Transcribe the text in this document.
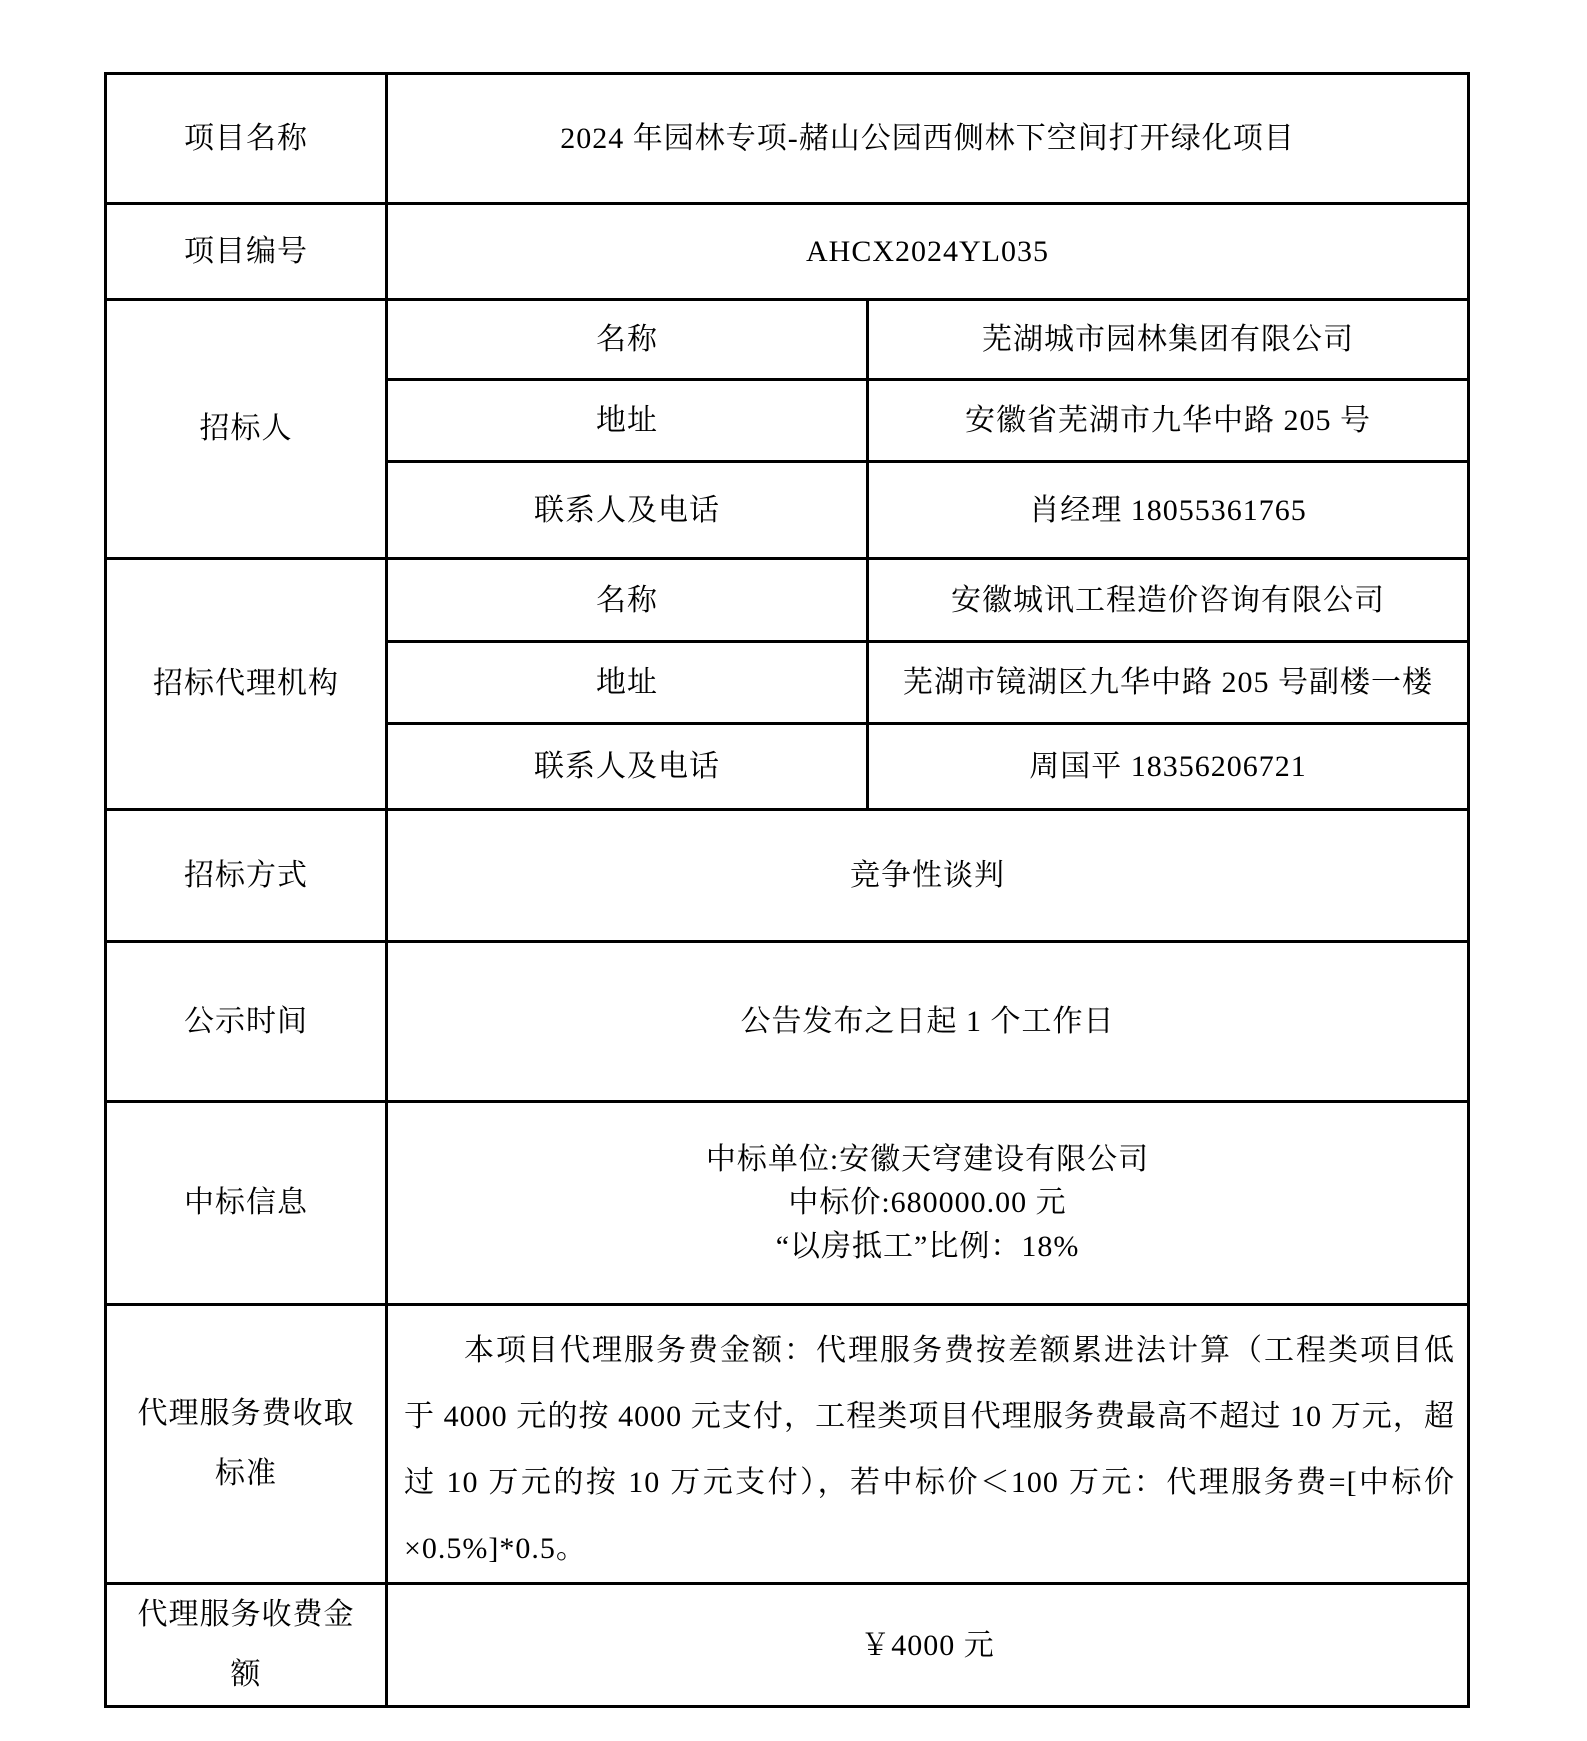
项目名称	2024 年园林专项-赭山公园西侧林下空间打开绿化项目	
项目编号	AHCX2024YL035	
招标人	名称	芜湖城市园林集团有限公司
	地址	安徽省芜湖市九华中路 205 号
	联系人及电话	肖经理 18055361765
招标代理机构	名称	安徽城讯工程造价咨询有限公司
	地址	芜湖市镜湖区九华中路 205 号副楼一楼
	联系人及电话	周国平 18356206721
招标方式	竞争性谈判	
公示时间	公告发布之日起 1 个工作日	
中标信息	中标单位:安徽天穹建设有限公司
中标价:680000.00 元
“以房抵工”比例：18%	

代理服务费收取标准	本项目代理服务费金额：代理服务费按差额累进法计算（工程类项目低于 4000 元的按 4000 元支付，工程类项目代理服务费最高不超过 10 万元，超过 10 万元的按 10 万元支付），若中标价＜100 万元：代理服务费=[中标价×0.5%]*0.5。	
代理服务收费金额	￥4000 元	
